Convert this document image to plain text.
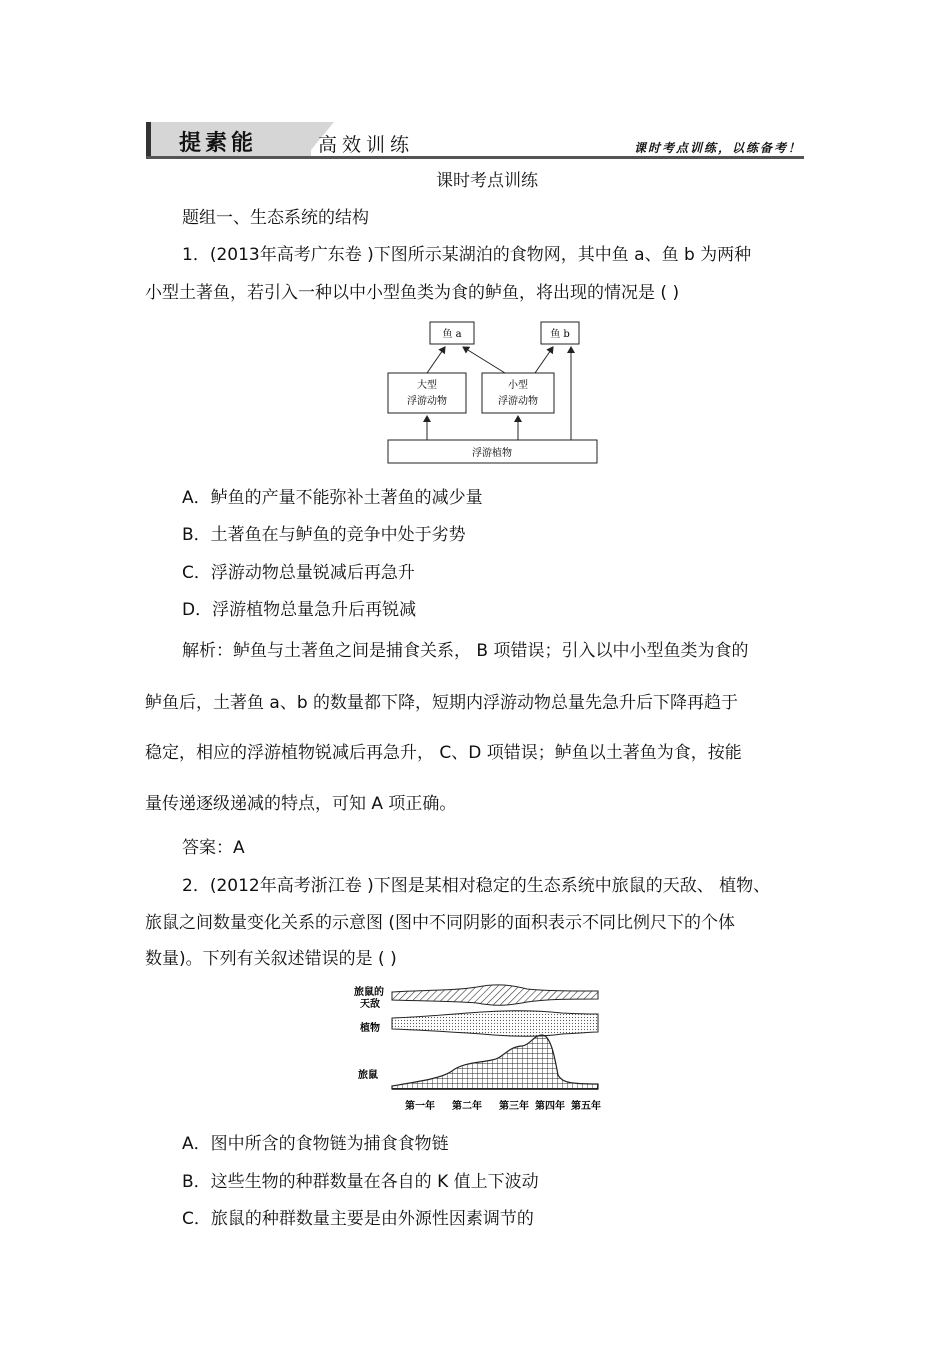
提素能	高效训练	课时考点训练，以练备考！
课时考点训练
题组一、生态系统的结构
1．(2013年高考广东卷 )下图所示某湖泊的食物网，其中鱼 a、鱼 b 为两种
小型土著鱼，若引入一种以中小型鱼类为食的鲈鱼，将出现的情况是 ( )
鱼 a	鱼 b
大型
浮游动物
小型
浮游动物
浮游植物
A．鲈鱼的产量不能弥补土著鱼的减少量
B．土著鱼在与鲈鱼的竞争中处于劣势
C．浮游动物总量锐减后再急升
D．浮游植物总量急升后再锐减
解析：鲈鱼与土著鱼之间是捕食关系， B 项错误；引入以中小型鱼类为食的
鲈鱼后，土著鱼 a、b 的数量都下降，短期内浮游动物总量先急升后下降再趋于
稳定，相应的浮游植物锐减后再急升， C、D 项错误；鲈鱼以土著鱼为食，按能
量传递逐级递减的特点，可知 A 项正确。
答案：A
2．(2012年高考浙江卷 )下图是某相对稳定的生态系统中旅鼠的天敌、 植物、
旅鼠之间数量变化关系的示意图 (图中不同阴影的面积表示不同比例尺下的个体
数量)。下列有关叙述错误的是 ( )
旅鼠的
天敌
植物
旅鼠
第一年 第二年 第三年 第四年 第五年
A．图中所含的食物链为捕食食物链
B．这些生物的种群数量在各自的 K 值上下波动
C．旅鼠的种群数量主要是由外源性因素调节的
